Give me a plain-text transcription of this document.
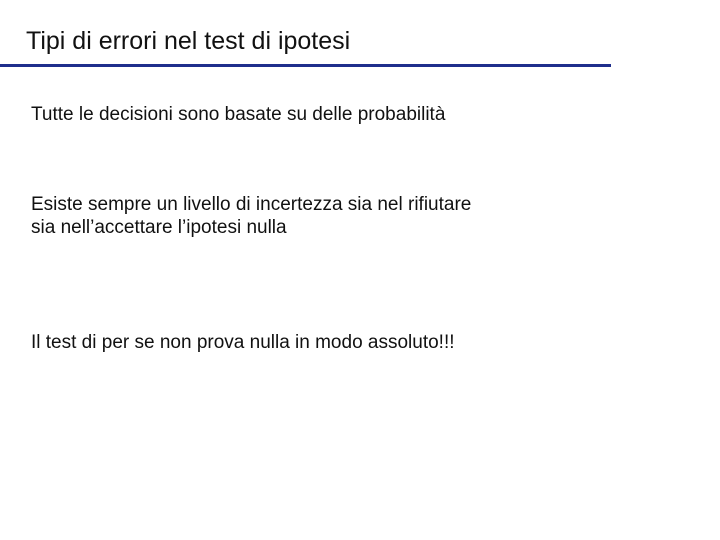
Tipi di errori nel test di ipotesi
Tutte le decisioni sono basate su delle probabilità
Esiste sempre un livello di incertezza sia nel rifiutare
sia nell’accettare l’ipotesi nulla
Il test di per se non prova nulla in modo assoluto!!!
